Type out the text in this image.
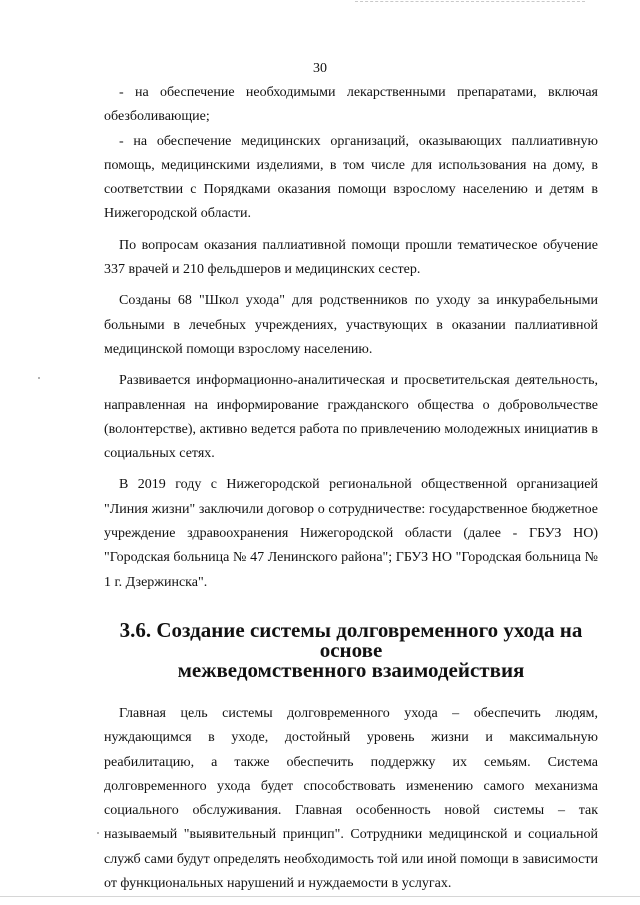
30

- на обеспечение необходимыми лекарственными препаратами, включая обезболивающие;

- на обеспечение медицинских организаций, оказывающих паллиативную помощь, медицинскими изделиями, в том числе для использования на дому, в соответствии с Порядками оказания помощи взрослому населению и детям в Нижегородской области.

По вопросам оказания паллиативной помощи прошли тематическое обучение 337 врачей и 210 фельдшеров и медицинских сестер.

Созданы 68 "Школ ухода" для родственников по уходу за инкурабельными больными в лечебных учреждениях, участвующих в оказании паллиативной медицинской помощи взрослому населению.

Развивается информационно-аналитическая и просветительская деятельность, направленная на информирование гражданского общества о добровольчестве (волонтерстве), активно ведется работа по привлечению молодежных инициатив в социальных сетях.

В 2019 году с Нижегородской региональной общественной организацией "Линия жизни" заключили договор о сотрудничестве: государственное бюджетное учреждение здравоохранения Нижегородской области (далее - ГБУЗ НО) "Городская больница № 47 Ленинского района"; ГБУЗ НО "Городская больница № 1 г. Дзержинска".

3.6. Создание системы долговременного ухода на основе
межведомственного взаимодействия

Главная цель системы долговременного ухода – обеспечить людям, нуждающимся в уходе, достойный уровень жизни и максимальную реабилитацию, а также обеспечить поддержку их семьям. Система долговременного ухода будет способствовать изменению самого механизма социального обслуживания. Главная особенность новой системы – так называемый "выявительный принцип". Сотрудники медицинской и социальной служб сами будут определять необходимость той или иной помощи в зависимости от функциональных нарушений и нуждаемости в услугах.
